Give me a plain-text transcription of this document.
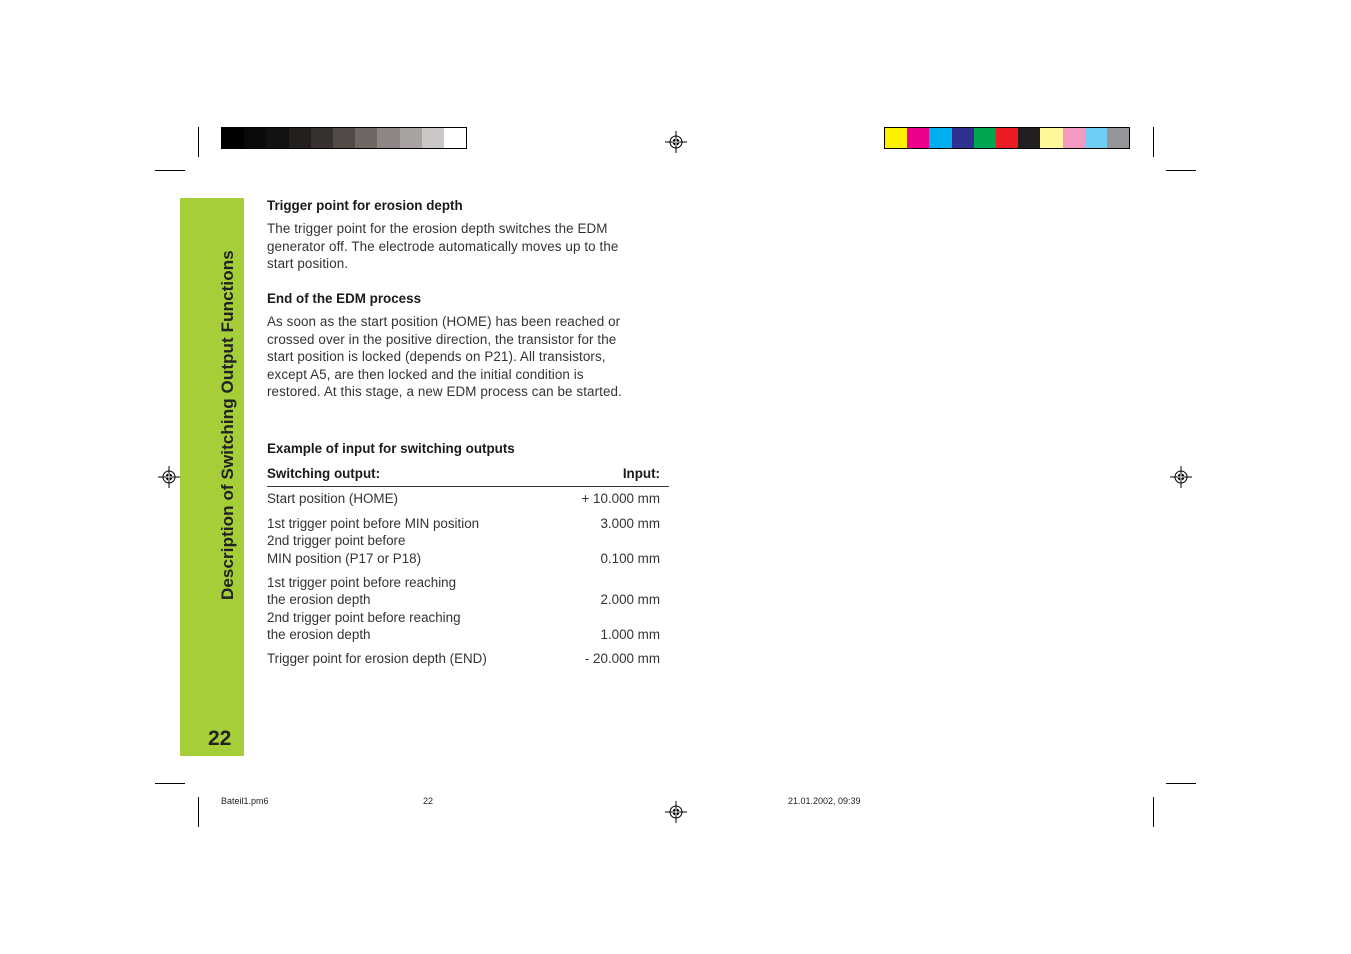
Description of Switching Output Functions
22
Trigger point for erosion depth

The trigger point for the erosion depth switches the EDM

generator off. The electrode automatically moves up to the

start position.

End of the EDM process

As soon as the start position (HOME) has been reached or

crossed over in the positive direction, the transistor for the

start position is locked (depends on P21). All transistors,

except A5, are then locked and the initial condition is

restored. At this stage, a new EDM process can be started.

Example of input for switching outputs
Switching output:	Input:
Start position (HOME)	+ 10.000 mm
1st trigger point before MIN position	3.000 mm
2nd trigger point before
MIN position (P17 or P18)	0.100 mm
1st trigger point before reaching
the erosion depth	2.000 mm
2nd trigger point before reaching
the erosion depth	1.000 mm
Trigger point for erosion depth (END)	- 20.000 mm
Bateil1.pm6	22	21.01.2002, 09:39
